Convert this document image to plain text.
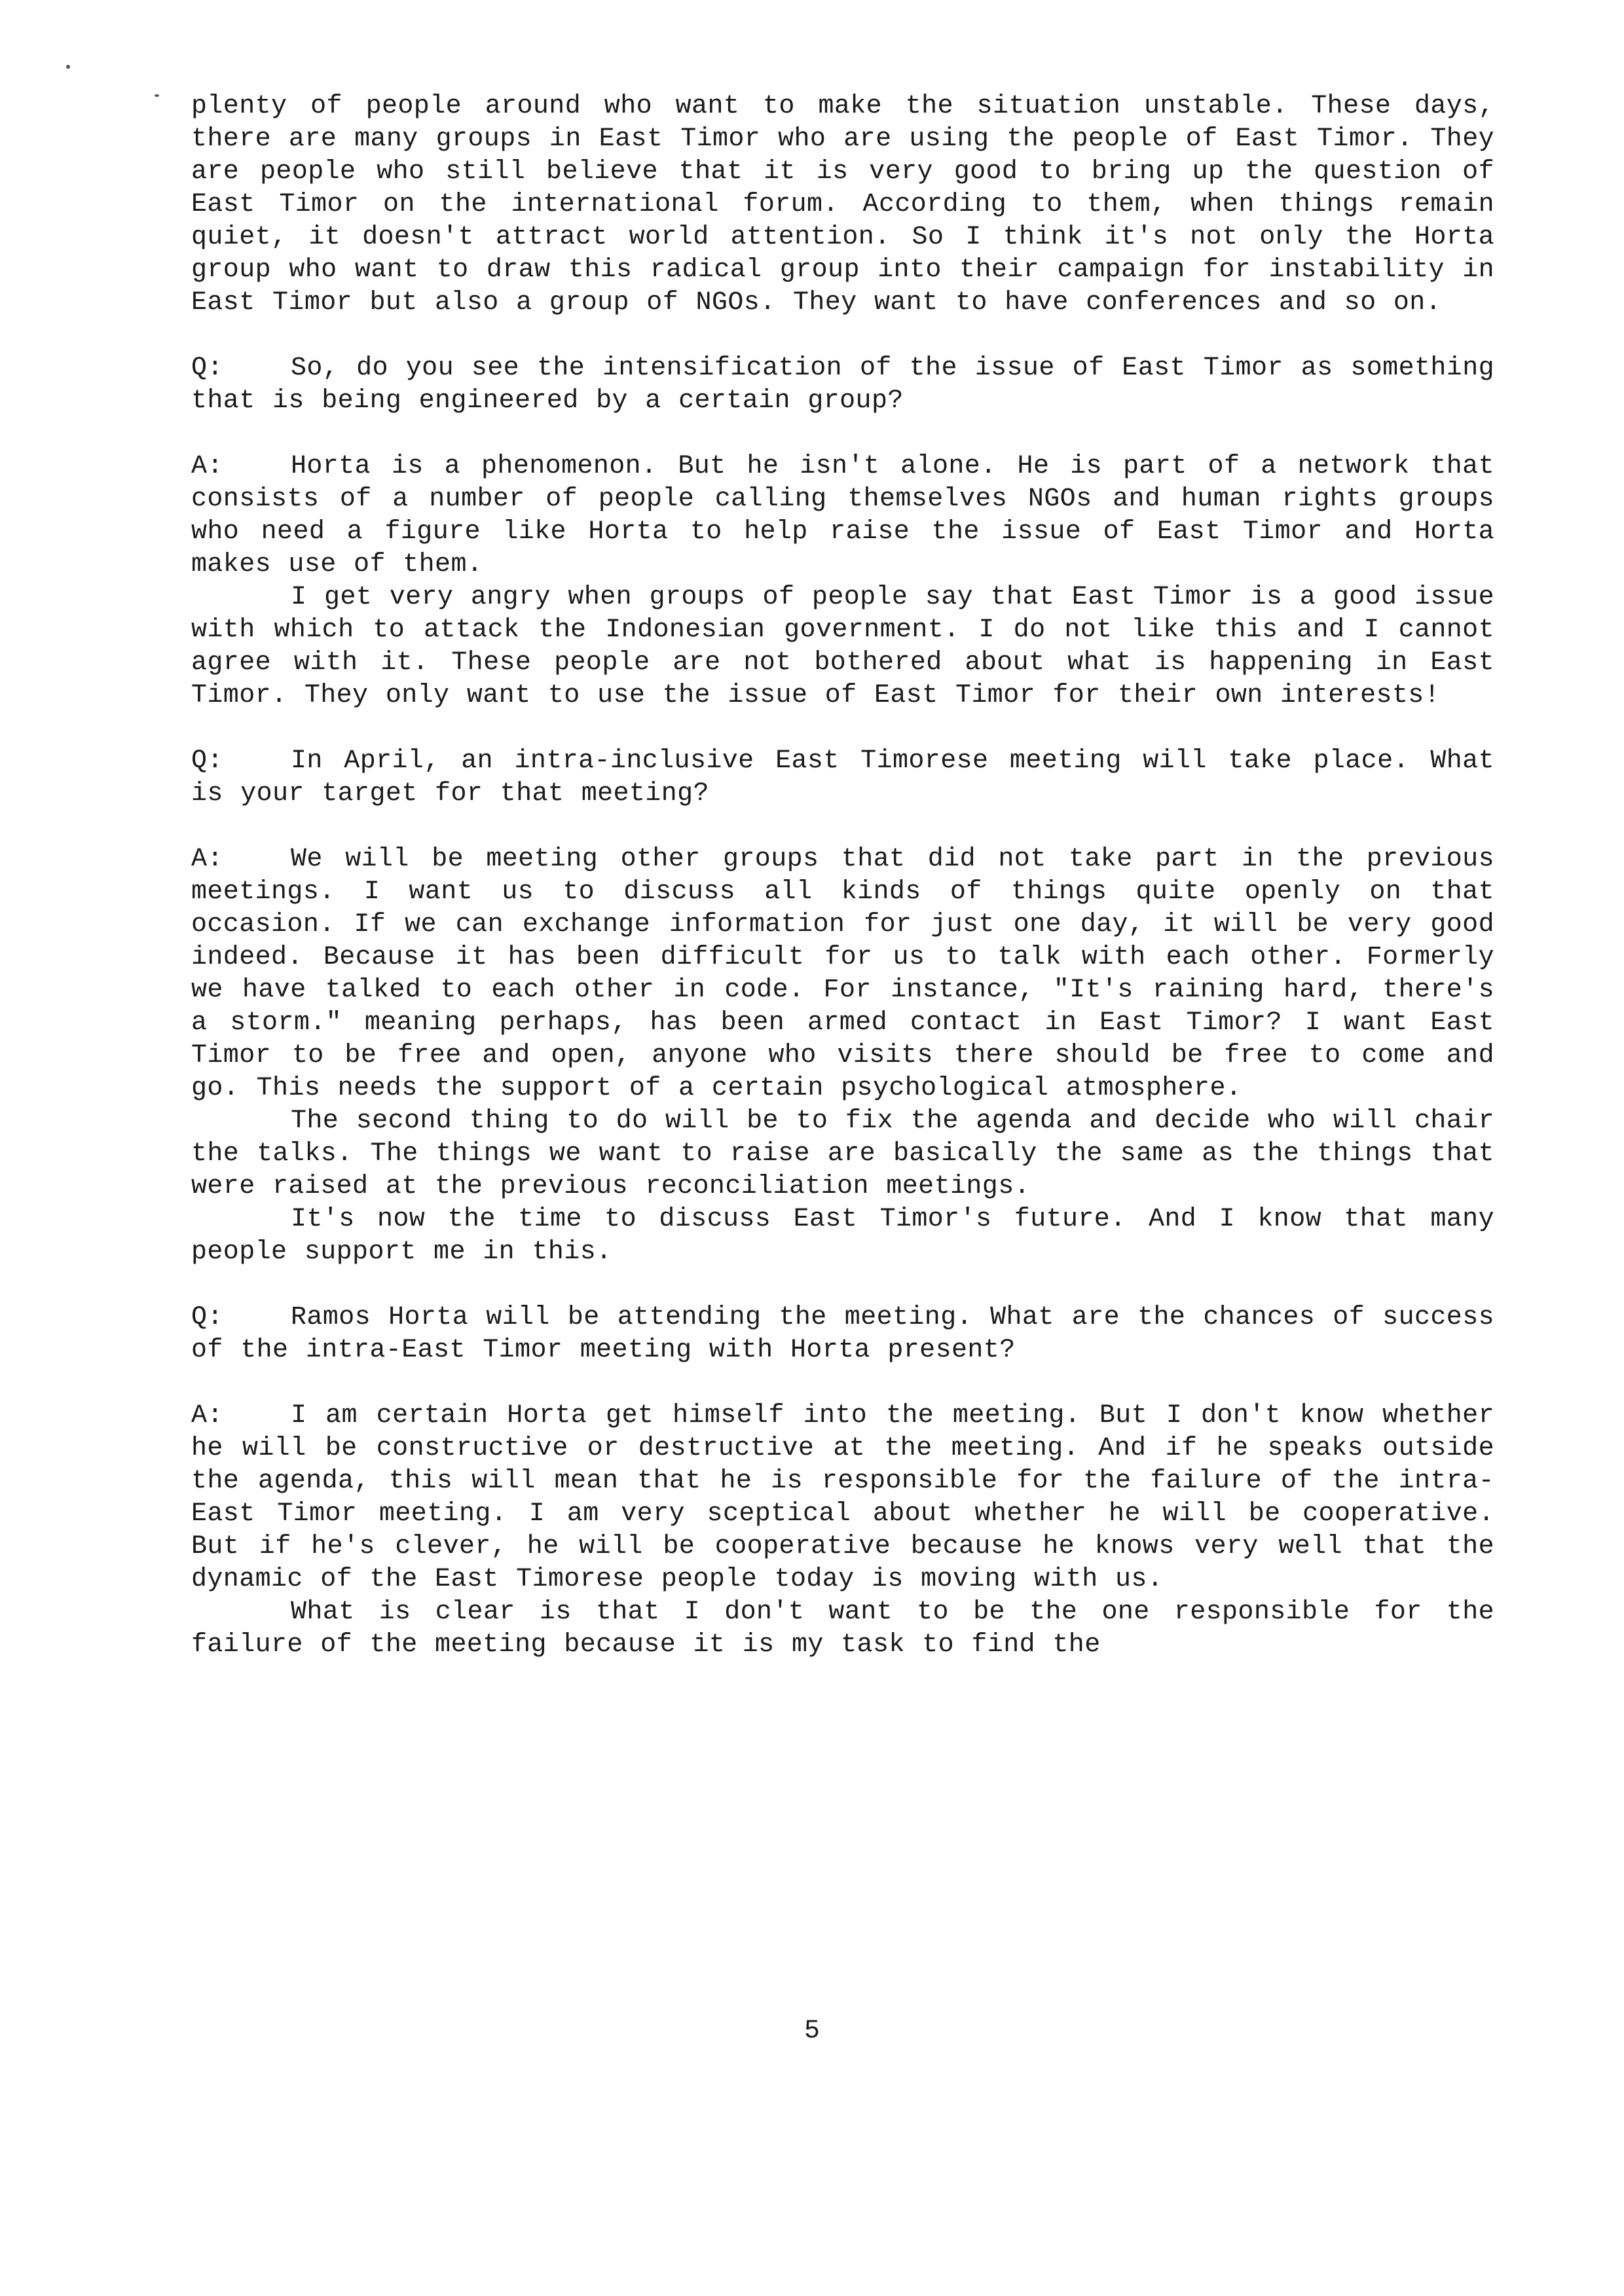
plenty of people around who want to make the situation unstable. These days, there are many groups in East Timor who are using the people of East Timor. They are people who still believe that it is very good to bring up the question of East Timor on the international forum. According to them, when things remain quiet, it doesn't attract world attention. So I think it's not only the Horta group who want to draw this radical group into their campaign for instability in East Timor but also a group of NGOs. They want to have conferences and so on.

Q:	So, do you see the intensification of the issue of East Timor as something that is being engineered by a certain group?

A:	Horta is a phenomenon. But he isn't alone. He is part of a network that consists of a number of people calling themselves NGOs and human rights groups who need a figure like Horta to help raise the issue of East Timor and Horta makes use of them.

I get very angry when groups of people say that East Timor is a good issue with which to attack the Indonesian government. I do not like this and I cannot agree with it. These people are not bothered about what is happening in East Timor. They only want to use the issue of East Timor for their own interests!

Q:	In April, an intra-inclusive East Timorese meeting will take place. What is your target for that meeting?

A:	We will be meeting other groups that did not take part in the previous meetings. I want us to discuss all kinds of things quite openly on that occasion. If we can exchange information for just one day, it will be very good indeed. Because it has been difficult for us to talk with each other. Formerly we have talked to each other in code. For instance, "It's raining hard, there's a storm." meaning perhaps, has been armed contact in East Timor? I want East Timor to be free and open, anyone who visits there should be free to come and go. This needs the support of a certain psychological atmosphere.

The second thing to do will be to fix the agenda and decide who will chair the talks. The things we want to raise are basically the same as the things that were raised at the previous reconciliation meetings.

It's now the time to discuss East Timor's future. And I know that many people support me in this.

Q:	Ramos Horta will be attending the meeting. What are the chances of success of the intra-East Timor meeting with Horta present?

A:	I am certain Horta get himself into the meeting. But I don't know whether he will be constructive or destructive at the meeting. And if he speaks outside the agenda, this will mean that he is responsible for the failure of the intra-East Timor meeting. I am very sceptical about whether he will be cooperative. But if he's clever, he will be cooperative because he knows very well that the dynamic of the East Timorese people today is moving with us.

What is clear is that I don't want to be the one responsible for the failure of the meeting because it is my task to find the

5
